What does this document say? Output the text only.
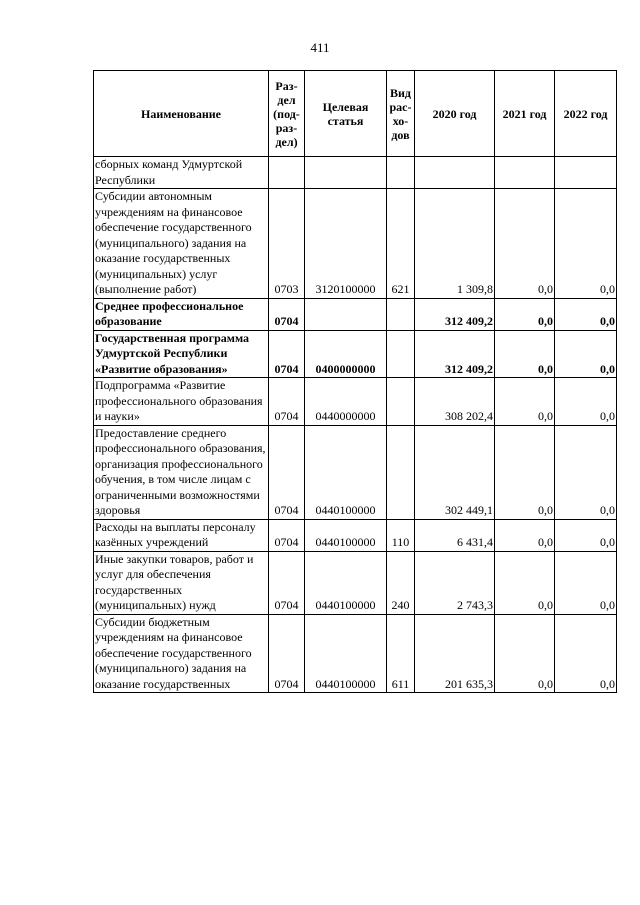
411
Наименование	Раз-дел (под-раз-дел)	Целевая статья	Вид рас-хо-дов	2020 год	2021 год	2022 год
сборных команд Удмуртской Республики						
Субсидии автономным учреждениям на финансовое обеспечение государственного (муниципального) задания на оказание государственных (муниципальных) услуг (выполнение работ)	0703	3120100000	621	1 309,8	0,0	0,0
Среднее профессиональное образование	0704			312 409,2	0,0	0,0
Государственная программа Удмуртской Республики «Развитие образования»	0704	0400000000		312 409,2	0,0	0,0
Подпрограмма «Развитие профессионального образования и науки»	0704	0440000000		308 202,4	0,0	0,0
Предоставление среднего профессионального образования, организация профессионального обучения, в том числе лицам с ограниченными возможностями здоровья	0704	0440100000		302 449,1	0,0	0,0
Расходы на выплаты персоналу казённых учреждений	0704	0440100000	110	6 431,4	0,0	0,0
Иные закупки товаров, работ и услуг для обеспечения государственных (муниципальных) нужд	0704	0440100000	240	2 743,3	0,0	0,0
Субсидии бюджетным учреждениям на финансовое обеспечение государственного (муниципального) задания на оказание государственных	0704	0440100000	611	201 635,3	0,0	0,0
